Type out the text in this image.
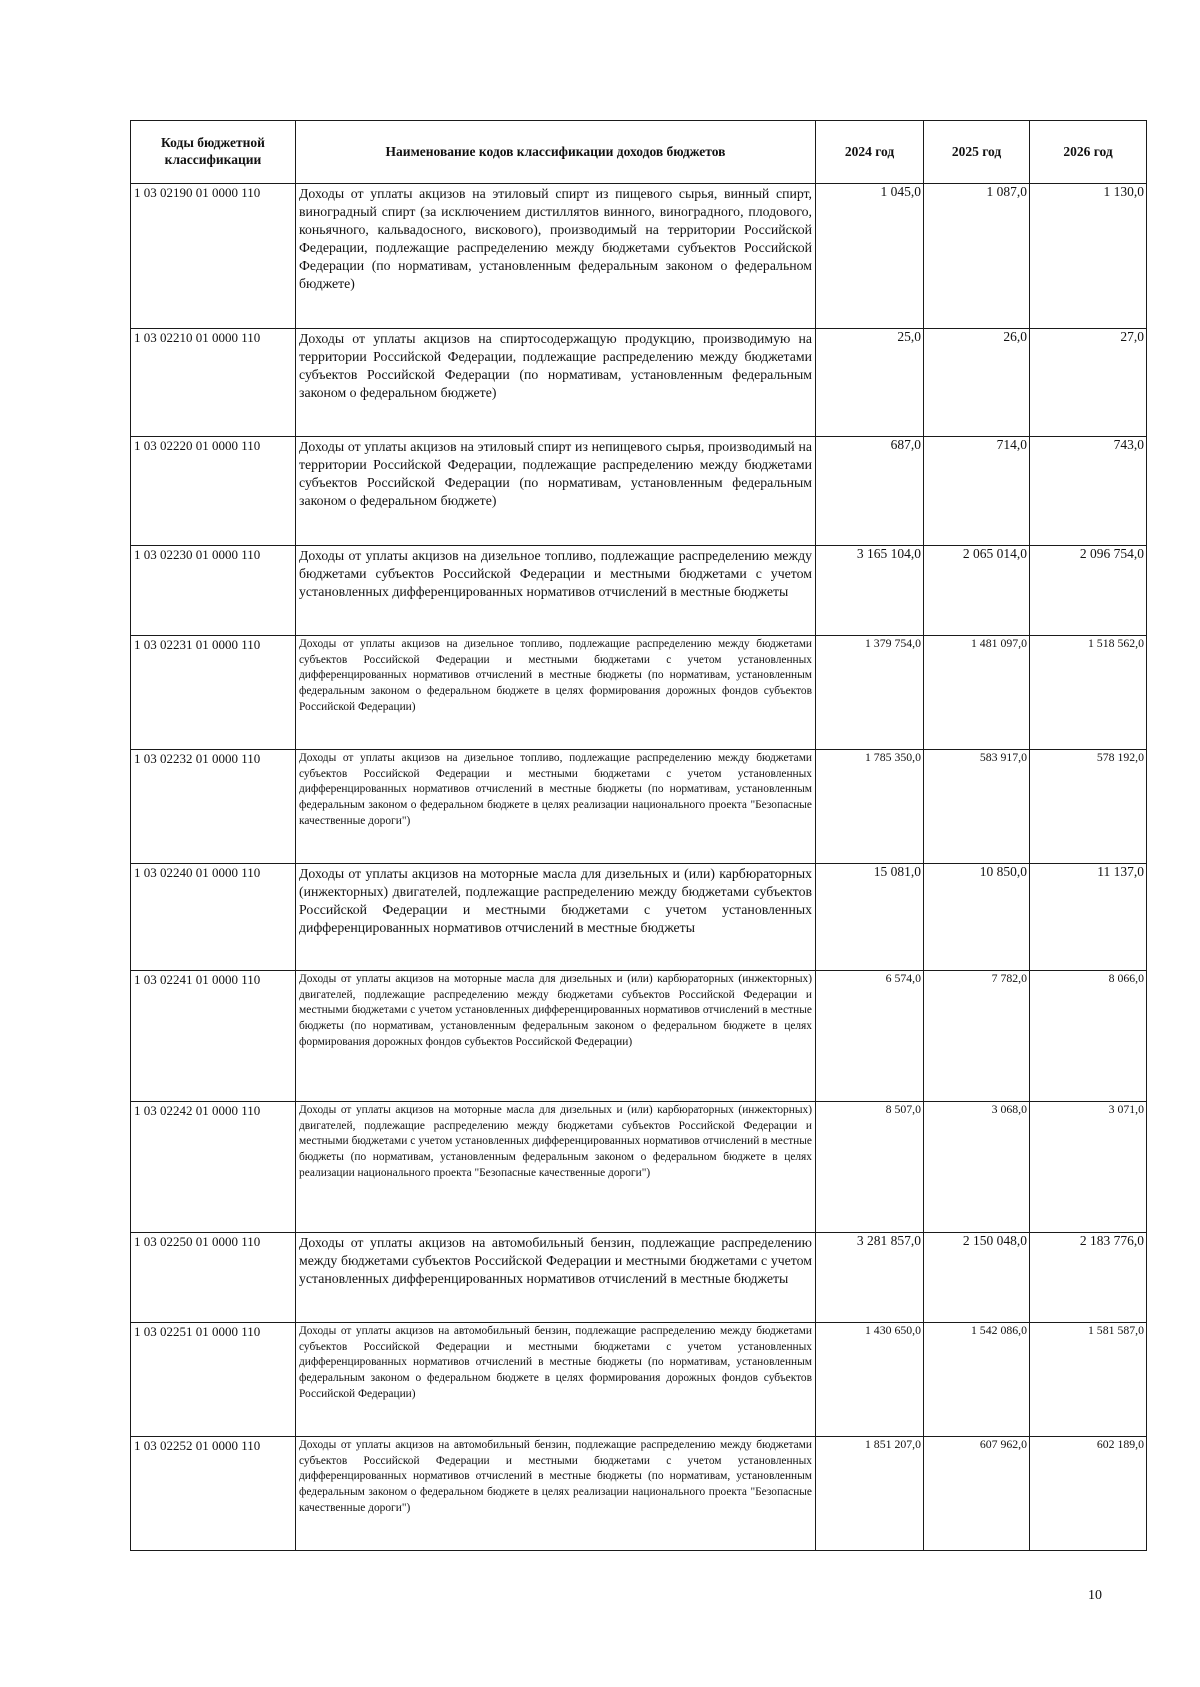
Коды бюджетной классификации	Наименование кодов классификации доходов бюджетов	2024 год	2025 год	2026 год
1 03 02190 01 0000 110	Доходы от уплаты акцизов на этиловый спирт из пищевого сырья, винный спирт, виноградный спирт (за исключением дистиллятов винного, виноградного, плодового, коньячного, кальвадосного, вискового), производимый на территории Российской Федерации, подлежащие распределению между бюджетами субъектов Российской Федерации (по нормативам, установленным федеральным законом о федеральном бюджете)	1 045,0	1 087,0	1 130,0
1 03 02210 01 0000 110	Доходы от уплаты акцизов на спиртосодержащую продукцию, производимую на территории Российской Федерации, подлежащие распределению между бюджетами субъектов Российской Федерации (по нормативам, установленным федеральным законом о федеральном бюджете)	25,0	26,0	27,0
1 03 02220 01 0000 110	Доходы от уплаты акцизов на этиловый спирт из непищевого сырья, производимый на территории Российской Федерации, подлежащие распределению между бюджетами субъектов Российской Федерации (по нормативам, установленным федеральным законом о федеральном бюджете)	687,0	714,0	743,0
1 03 02230 01 0000 110	Доходы от уплаты акцизов на дизельное топливо, подлежащие распределению между бюджетами субъектов Российской Федерации и местными бюджетами с учетом установленных дифференцированных нормативов отчислений в местные бюджеты	3 165 104,0	2 065 014,0	2 096 754,0
1 03 02231 01 0000 110	Доходы от уплаты акцизов на дизельное топливо, подлежащие распределению между бюджетами субъектов Российской Федерации и местными бюджетами с учетом установленных дифференцированных нормативов отчислений в местные бюджеты (по нормативам, установленным федеральным законом о федеральном бюджете в целях формирования дорожных фондов субъектов Российской Федерации)	1 379 754,0	1 481 097,0	1 518 562,0
1 03 02232 01 0000 110	Доходы от уплаты акцизов на дизельное топливо, подлежащие распределению между бюджетами субъектов Российской Федерации и местными бюджетами с учетом установленных дифференцированных нормативов отчислений в местные бюджеты (по нормативам, установленным федеральным законом о федеральном бюджете в целях реализации национального проекта "Безопасные качественные дороги")	1 785 350,0	583 917,0	578 192,0
1 03 02240 01 0000 110	Доходы от уплаты акцизов на моторные масла для дизельных и (или) карбюраторных (инжекторных) двигателей, подлежащие распределению между бюджетами субъектов Российской Федерации и местными бюджетами с учетом установленных дифференцированных нормативов отчислений в местные бюджеты	15 081,0	10 850,0	11 137,0
1 03 02241 01 0000 110	Доходы от уплаты акцизов на моторные масла для дизельных и (или) карбюраторных (инжекторных) двигателей, подлежащие распределению между бюджетами субъектов Российской Федерации и местными бюджетами с учетом установленных дифференцированных нормативов отчислений в местные бюджеты (по нормативам, установленным федеральным законом о федеральном бюджете в целях формирования дорожных фондов субъектов Российской Федерации)	6 574,0	7 782,0	8 066,0
1 03 02242 01 0000 110	Доходы от уплаты акцизов на моторные масла для дизельных и (или) карбюраторных (инжекторных) двигателей, подлежащие распределению между бюджетами субъектов Российской Федерации и местными бюджетами с учетом установленных дифференцированных нормативов отчислений в местные бюджеты (по нормативам, установленным федеральным законом о федеральном бюджете в целях реализации национального проекта "Безопасные качественные дороги")	8 507,0	3 068,0	3 071,0
1 03 02250 01 0000 110	Доходы от уплаты акцизов на автомобильный бензин, подлежащие распределению между бюджетами субъектов Российской Федерации и местными бюджетами с учетом установленных дифференцированных нормативов отчислений в местные бюджеты	3 281 857,0	2 150 048,0	2 183 776,0
1 03 02251 01 0000 110	Доходы от уплаты акцизов на автомобильный бензин, подлежащие распределению между бюджетами субъектов Российской Федерации и местными бюджетами с учетом установленных дифференцированных нормативов отчислений в местные бюджеты (по нормативам, установленным федеральным законом о федеральном бюджете в целях формирования дорожных фондов субъектов Российской Федерации)	1 430 650,0	1 542 086,0	1 581 587,0
1 03 02252 01 0000 110	Доходы от уплаты акцизов на автомобильный бензин, подлежащие распределению между бюджетами субъектов Российской Федерации и местными бюджетами с учетом установленных дифференцированных нормативов отчислений в местные бюджеты (по нормативам, установленным федеральным законом о федеральном бюджете в целях реализации национального проекта "Безопасные качественные дороги")	1 851 207,0	607 962,0	602 189,0
10
